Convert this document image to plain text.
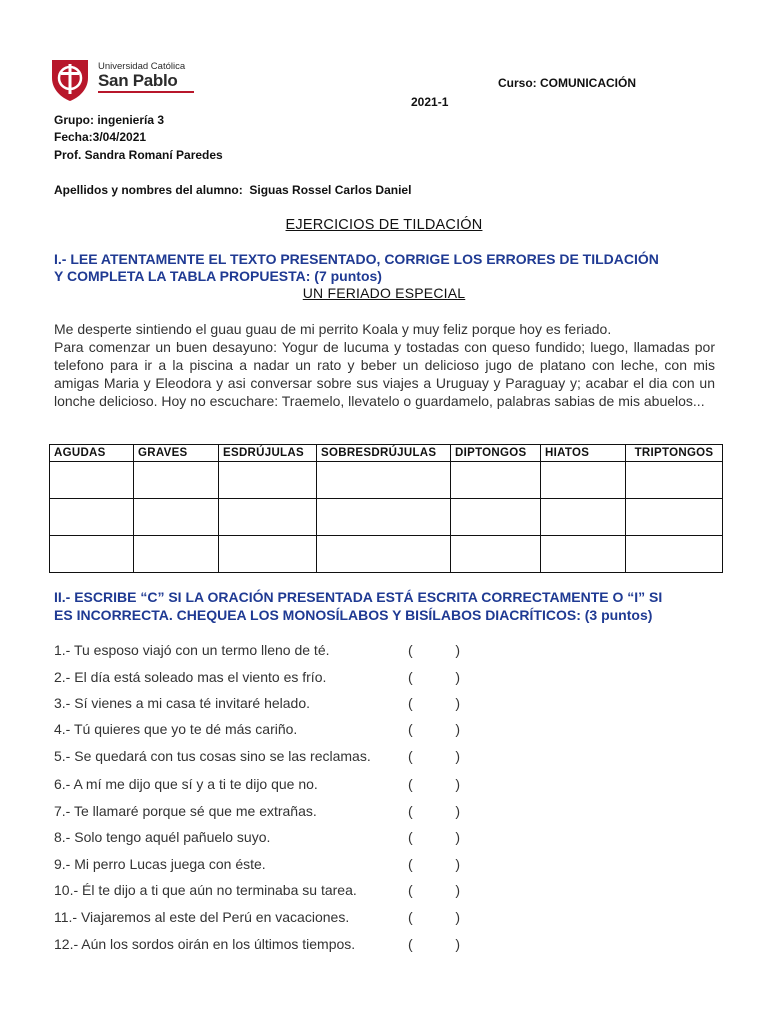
Universidad Católica
San Pablo	Curso: COMUNICACIÓN
2021-1
Grupo: ingeniería 3
Fecha:3/04/2021
Prof. Sandra Romaní Paredes
Apellidos y nombres del alumno:  Siguas Rossel Carlos Daniel
EJERCICIOS DE TILDACIÓN
I.- LEE ATENTAMENTE EL TEXTO PRESENTADO, CORRIGE LOS ERRORES DE TILDACIÓN
Y COMPLETA LA TABLA PROPUESTA: (7 puntos)
UN FERIADO ESPECIAL

Me desperte sintiendo el guau guau de mi perrito Koala y muy feliz porque hoy es feriado.

Para comenzar un buen desayuno: Yogur de lucuma y tostadas con queso fundido; luego, llamadas por telefono para ir a la piscina a nadar un rato y beber un delicioso jugo de platano con leche, con mis amigas Maria y Eleodora y asi conversar sobre sus viajes a Uruguay y Paraguay y; acabar el dia con un lonche delicioso. Hoy no escuchare: Traemelo, llevatelo o guardamelo, palabras sabias de mis abuelos...

AGUDAS	GRAVES	ESDRÚJULAS	SOBRESDRÚJULAS	DIPTONGOS	HIATOS	TRIPTONGOS

II.- ESCRIBE “C” SI LA ORACIÓN PRESENTADA ESTÁ ESCRITA CORRECTAMENTE O “I” SI
ES INCORRECTA. CHEQUEA LOS MONOSÍLABOS Y BISÍLABOS DIACRÍTICOS: (3 puntos)
1.- Tu esposo viajó con un termo lleno de té.	(	)
2.- El día está soleado mas el viento es frío.	(	)
3.- Sí vienes a mi casa té invitaré helado.	(	)
4.- Tú quieres que yo te dé más cariño.	(	)
5.- Se quedará con tus cosas sino se las reclamas.	(	)
6.- A mí me dijo que sí y a ti te dijo que no.	(	)
7.- Te llamaré porque sé que me extrañas.	(	)
8.- Solo tengo aquél pañuelo suyo.	(	)
9.- Mi perro Lucas juega con éste.	(	)
10.- Él te dijo a ti que aún no terminaba su tarea.	(	)
11.- Viajaremos al este del Perú en vacaciones.	(	)
12.- Aún los sordos oirán en los últimos tiempos.	(	)
